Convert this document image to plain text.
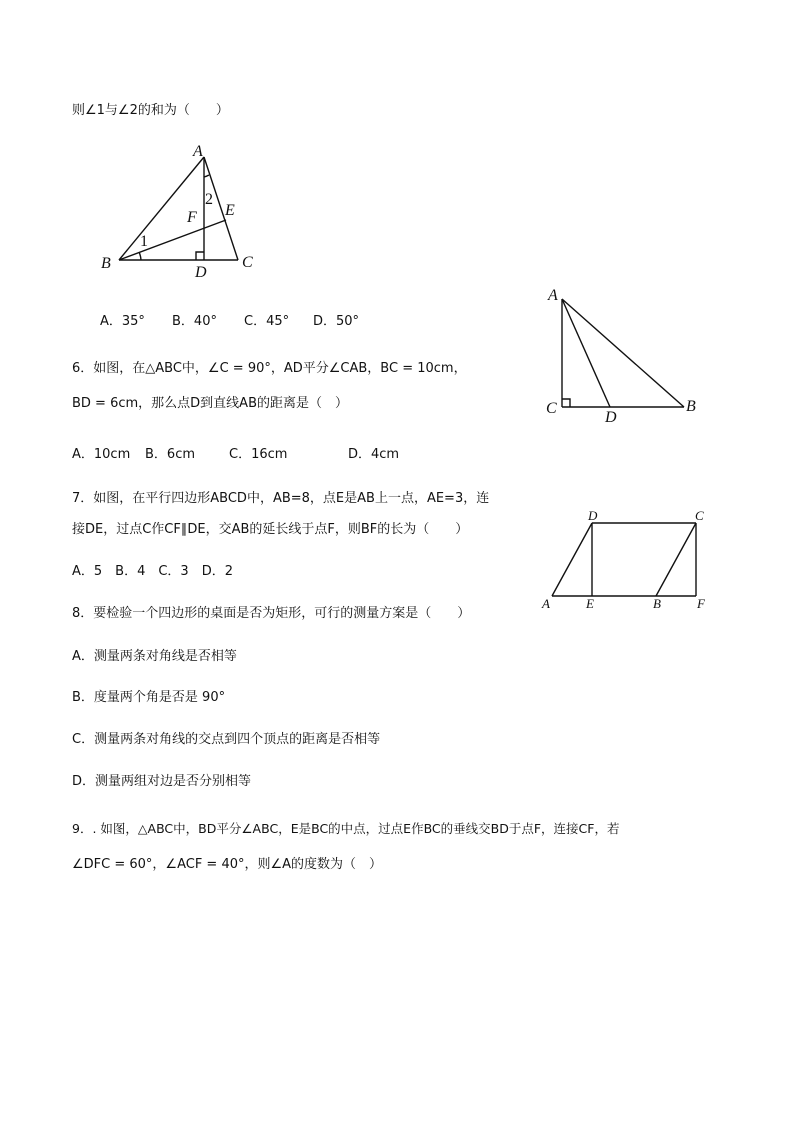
则∠1与∠2的和为（　　）
A
B	C
D
E
F
1
2
A．35° B．40° C．45° D．50°
6．如图，在△ABC中，∠C = 90°，AD平分∠CAB，BC = 10cm，
BD = 6cm，那么点D到直线AB的距离是（　）
A
C
D
B
A．10cm B．6cm	C．16cm	D．4cm
7．如图，在平行四边形ABCD中，AB=8，点E是AB上一点，AE=3，连
接DE，过点C作CF∥DE，交AB的延长线于点F，则BF的长为（　　）
A．5　B．4　C．3　D．2
D	C
A	E	B	F
8．要检验一个四边形的桌面是否为矩形，可行的测量方案是（　　）
A．测量两条对角线是否相等
B．度量两个角是否是 90°
C．测量两条对角线的交点到四个顶点的距离是否相等
D．测量两组对边是否分别相等
9．. 如图，△ABC中，BD平分∠ABC，E是BC的中点，过点E作BC的垂线交BD于点F，连接CF，若
∠DFC = 60°，∠ACF = 40°，则∠A的度数为（　）
